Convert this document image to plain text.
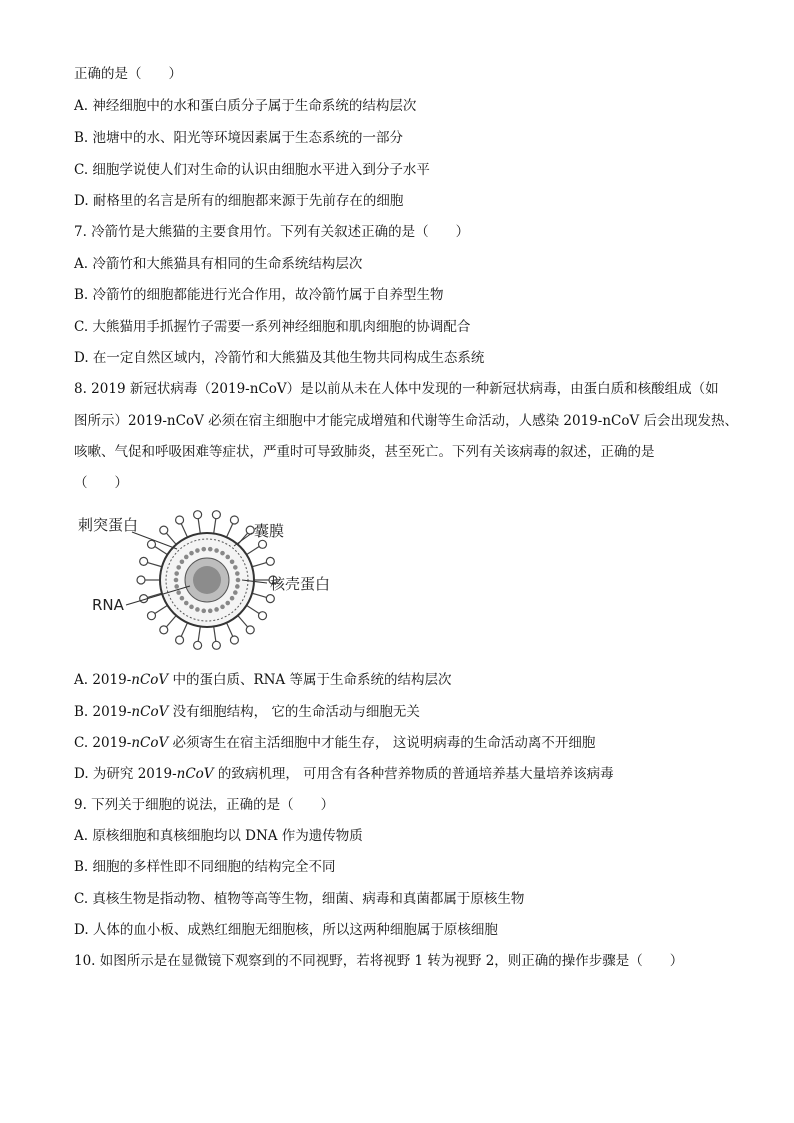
正确的是（　　）
A. 神经细胞中的水和蛋白质分子属于生命系统的结构层次
B. 池塘中的水、阳光等环境因素属于生态系统的一部分
C. 细胞学说使人们对生命的认识由细胞水平进入到分子水平
D. 耐格里的名言是所有的细胞都来源于先前存在的细胞
7. 冷箭竹是大熊猫的主要食用竹。下列有关叙述正确的是（　　）
A. 冷箭竹和大熊猫具有相同的生命系统结构层次
B. 冷箭竹的细胞都能进行光合作用，故冷箭竹属于自养型生物
C. 大熊猫用手抓握竹子需要一系列神经细胞和肌肉细胞的协调配合
D. 在一定自然区域内，冷箭竹和大熊猫及其他生物共同构成生态系统
8. 2019 新冠状病毒（2019-nCoV）是以前从未在人体中发现的一种新冠状病毒，由蛋白质和核酸组成（如
图所示）2019-nCoV 必须在宿主细胞中才能完成增殖和代谢等生命活动，人感染 2019-nCoV 后会出现发热、
咳嗽、气促和呼吸困难等症状，严重时可导致肺炎，甚至死亡。下列有关该病毒的叙述，正确的是
（　　）
刺突蛋白	囊膜
核壳蛋白
RNA
A. 2019-nCoV 中的蛋白质、RNA 等属于生命系统的结构层次
B. 2019-nCoV 没有细胞结构， 它的生命活动与细胞无关
C. 2019-nCoV 必须寄生在宿主活细胞中才能生存， 这说明病毒的生命活动离不开细胞
D. 为研究 2019-nCoV 的致病机理， 可用含有各种营养物质的普通培养基大量培养该病毒
9. 下列关于细胞的说法，正确的是（　　）
A. 原核细胞和真核细胞均以 DNA 作为遗传物质
B. 细胞的多样性即不同细胞的结构完全不同
C. 真核生物是指动物、植物等高等生物，细菌、病毒和真菌都属于原核生物
D. 人体的血小板、成熟红细胞无细胞核，所以这两种细胞属于原核细胞
10. 如图所示是在显微镜下观察到的不同视野，若将视野 1 转为视野 2，则正确的操作步骤是（　　）
